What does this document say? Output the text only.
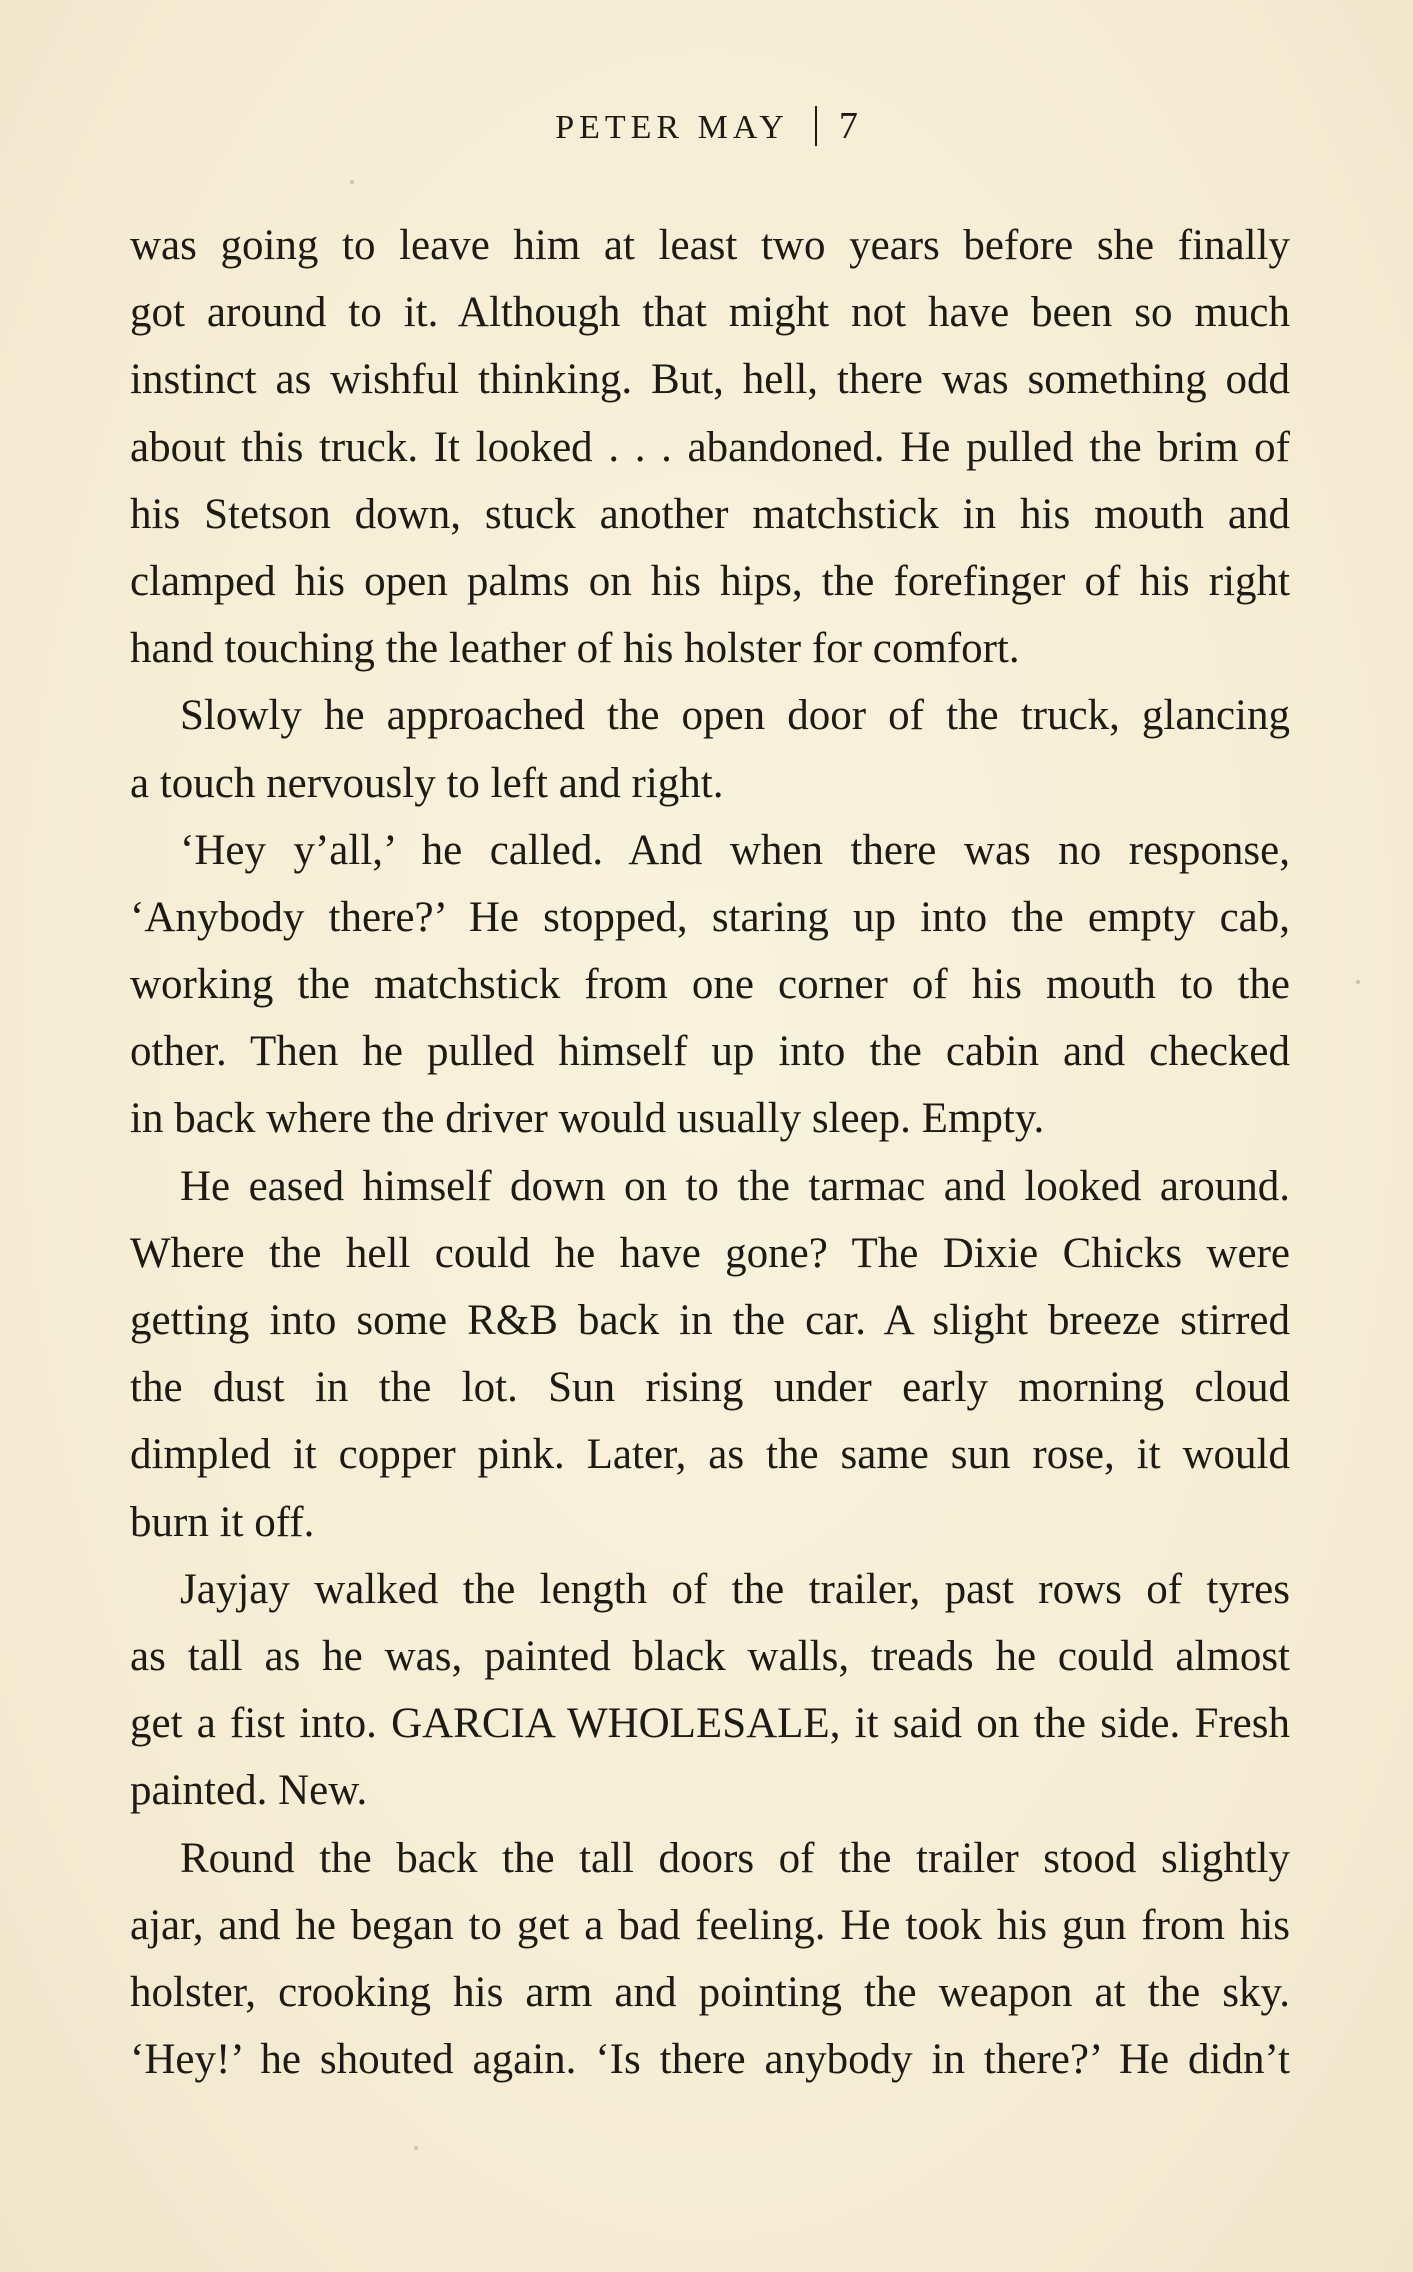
PETER MAY 7
was going to leave him at least two years before she finally
got around to it. Although that might not have been so much
instinct as wishful thinking. But, hell, there was something odd
about this truck. It looked . . . abandoned. He pulled the brim of
his Stetson down, stuck another matchstick in his mouth and
clamped his open palms on his hips, the forefinger of his right
hand touching the leather of his holster for comfort.
Slowly he approached the open door of the truck, glancing
a touch nervously to left and right.
‘Hey y’all,’ he called. And when there was no response,
‘Anybody there?’ He stopped, staring up into the empty cab,
working the matchstick from one corner of his mouth to the
other. Then he pulled himself up into the cabin and checked
in back where the driver would usually sleep. Empty.
He eased himself down on to the tarmac and looked around.
Where the hell could he have gone? The Dixie Chicks were
getting into some R&B back in the car. A slight breeze stirred
the dust in the lot. Sun rising under early morning cloud
dimpled it copper pink. Later, as the same sun rose, it would
burn it off.
Jayjay walked the length of the trailer, past rows of tyres
as tall as he was, painted black walls, treads he could almost
get a fist into. GARCIA WHOLESALE, it said on the side. Fresh
painted. New.
Round the back the tall doors of the trailer stood slightly
ajar, and he began to get a bad feeling. He took his gun from his
holster, crooking his arm and pointing the weapon at the sky.
‘Hey!’ he shouted again. ‘Is there anybody in there?’ He didn’t
